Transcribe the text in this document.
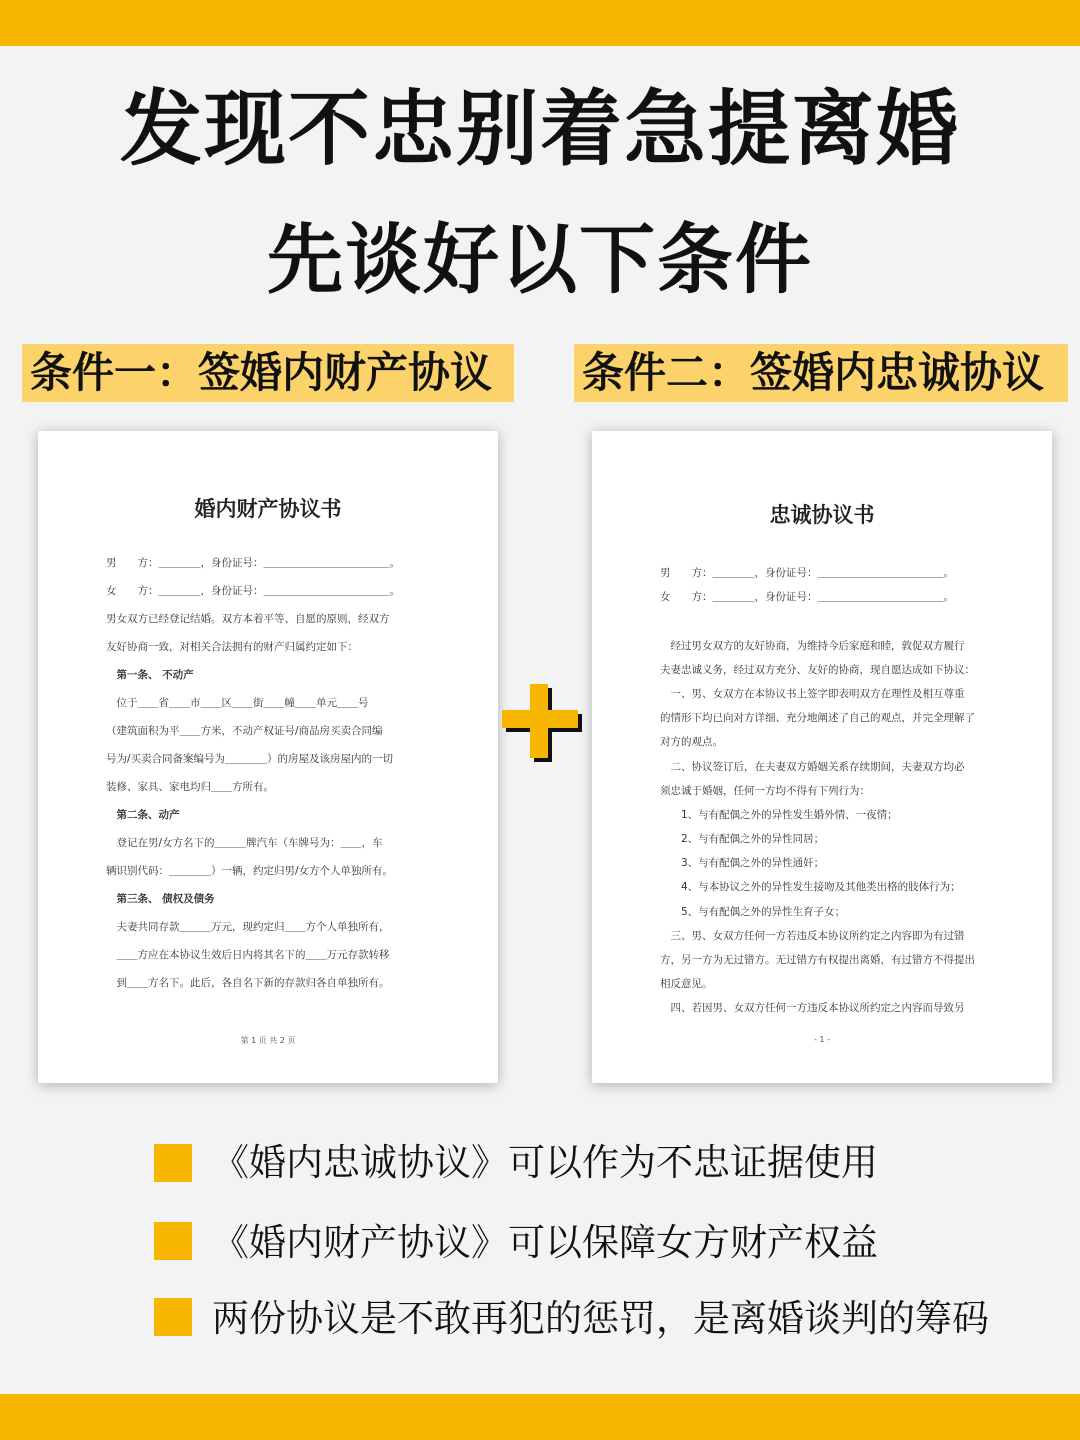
发现不忠别着急提离婚
先谈好以下条件
条件一：签婚内财产协议	条件二：签婚内忠诚协议
婚内财产协议书
男　　方：＿＿＿＿，身份证号：＿＿＿＿＿＿＿＿＿＿＿＿。
女　　方：＿＿＿＿，身份证号：＿＿＿＿＿＿＿＿＿＿＿＿。
男女双方已经登记结婚。双方本着平等、自愿的原则，经双方
友好协商一致，对相关合法拥有的财产归属约定如下：
　第一条、 不动产
　位于＿＿省＿＿市＿＿区＿＿街＿＿幢＿＿单元＿＿号
（建筑面积为平＿＿方米，不动产权证号/商品房买卖合同编
号为/买卖合同备案编号为＿＿＿＿）的房屋及该房屋内的一切
装修、家具、家电均归＿＿方所有。
　第二条、动产
　登记在男/女方名下的＿＿＿牌汽车（车牌号为：＿＿，车
辆识别代码：＿＿＿＿）一辆，约定归男/女方个人单独所有。
　第三条、 债权及债务
　夫妻共同存款＿＿＿万元，现约定归＿＿方个人单独所有，
　＿＿方应在本协议生效后日内将其名下的＿＿万元存款转移
　到＿＿方名下。此后，各自名下新的存款归各自单独所有。
第 1 页 共 2 页
忠诚协议书
男　　方：＿＿＿＿，身份证号：＿＿＿＿＿＿＿＿＿＿＿＿。
女　　方：＿＿＿＿，身份证号：＿＿＿＿＿＿＿＿＿＿＿＿。
　经过男女双方的友好协商，为维持今后家庭和睦，敦促双方履行
夫妻忠诚义务，经过双方充分、友好的协商，现自愿达成如下协议：
　一、男、女双方在本协议书上签字即表明双方在理性及相互尊重
的情形下均已向对方详细、充分地阐述了自己的观点，并完全理解了
对方的观点。
　二、协议签订后，在夫妻双方婚姻关系存续期间，夫妻双方均必
须忠诚于婚姻，任何一方均不得有下列行为：
　　1、与有配偶之外的异性发生婚外情、一夜情；
　　2、与有配偶之外的异性同居；
　　3、与有配偶之外的异性通奸；
　　4、与本协议之外的异性发生接吻及其他类出格的肢体行为；
　　5、与有配偶之外的异性生育子女；
　三、男、女双方任何一方若违反本协议所约定之内容即为有过错
方，另一方为无过错方。无过错方有权提出离婚，有过错方不得提出
相反意见。
　四、若因男、女双方任何一方违反本协议所约定之内容而导致另
- 1 -
《婚内忠诚协议》可以作为不忠证据使用
《婚内财产协议》可以保障女方财产权益
两份协议是不敢再犯的惩罚，是离婚谈判的筹码
